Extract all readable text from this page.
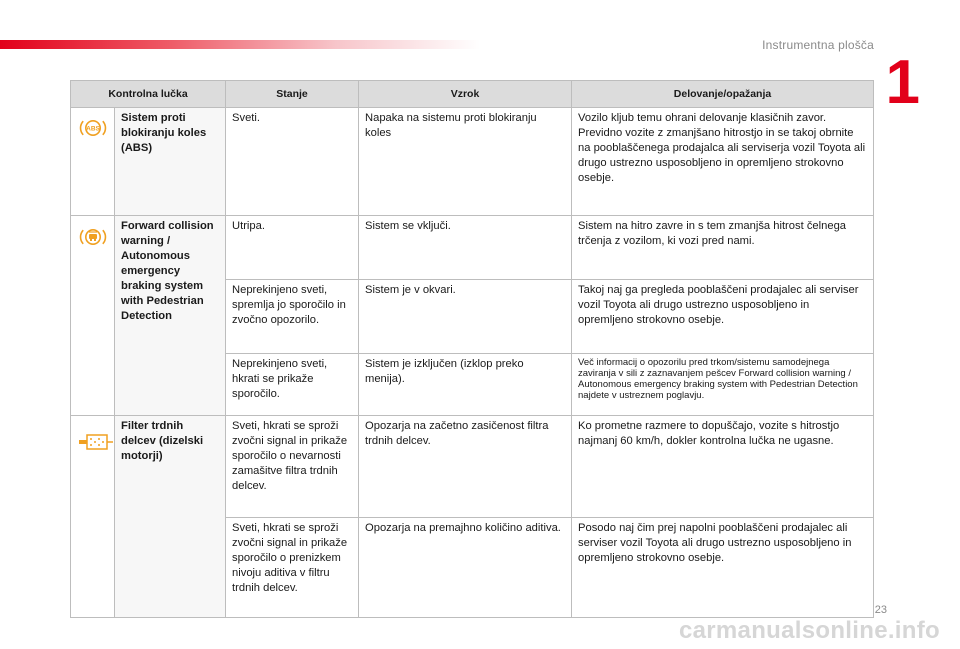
Instrumentna plošča
1
Kontrolna lučka		Stanje	Vzrok	Delovanje/opažanja

ABS	Sistem proti blokiranju koles (ABS)	Sveti.	Napaka na sistemu proti blokiranju koles	Vozilo kljub temu ohrani delovanje klasičnih zavor. Previdno vozite z zmanjšano hitrostjo in se takoj obrnite na pooblaščenega prodajalca ali serviserja vozil Toyota ali drugo ustrezno usposobljeno in opremljeno strokovno osebje.

	Forward collision warning / Autonomous emergency braking system with Pedestrian Detection	Utripa.	Sistem se vključi.	Sistem na hitro zavre in s tem zmanjša hitrost čelnega trčenja z vozilom, ki vozi pred nami.
		Neprekinjeno sveti, spremlja jo sporočilo in zvočno opozorilo.	Sistem je v okvari.	Takoj naj ga pregleda pooblaščeni prodajalec ali serviser vozil Toyota ali drugo ustrezno usposobljeno in opremljeno strokovno osebje.
		Neprekinjeno sveti, hkrati se prikaže sporočilo.	Sistem je izključen (izklop preko menija).	Več informacij o opozorilu pred trkom/sistemu samodejnega zaviranja v sili z zaznavanjem pešcev Forward collision warning / Autonomous emergency braking system with Pedestrian Detection najdete v ustreznem poglavju.

	Filter trdnih delcev (dizelski motorji)	Sveti, hkrati se sproži zvočni signal in prikaže sporočilo o nevarnosti zamašitve filtra trdnih delcev.	Opozarja na začetno zasičenost filtra trdnih delcev.	Ko prometne razmere to dopuščajo, vozite s hitrostjo najmanj 60 km/h, dokler kontrolna lučka ne ugasne.
		Sveti, hkrati se sproži zvočni signal in prikaže sporočilo o prenizkem nivoju aditiva v filtru trdnih delcev.	Opozarja na premajhno količino aditiva.	Posodo naj čim prej napolni pooblaščeni prodajalec ali serviser vozil Toyota ali drugo ustrezno usposobljeno in opremljeno strokovno osebje.
23
carmanualsonline.info
